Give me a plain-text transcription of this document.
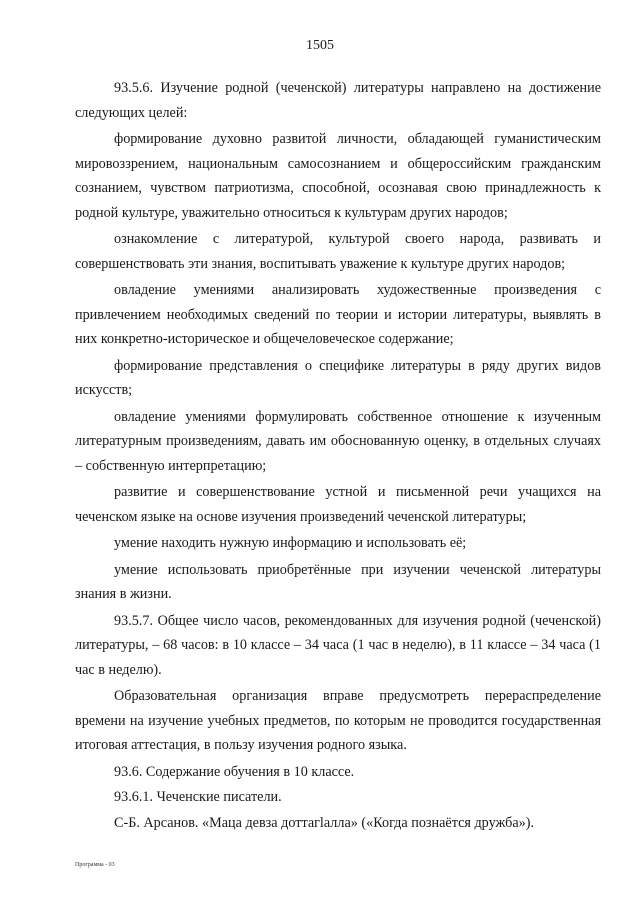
1505

93.5.6. Изучение родной (чеченской) литературы направлено на достижение следующих целей:

формирование духовно развитой личности, обладающей гуманистическим мировоззрением, национальным самосознанием и общероссийским гражданским сознанием, чувством патриотизма, способной, осознавая свою принадлежность к родной культуре, уважительно относиться к культурам других народов;

ознакомление с литературой, культурой своего народа, развивать и совершенствовать эти знания, воспитывать уважение к культуре других народов;

овладение умениями анализировать художественные произведения с привлечением необходимых сведений по теории и истории литературы, выявлять в них конкретно-историческое и общечеловеческое содержание;

формирование представления о специфике литературы в ряду других видов искусств;

овладение умениями формулировать собственное отношение к изученным литературным произведениям, давать им обоснованную оценку, в отдельных случаях – собственную интерпретацию;

развитие и совершенствование устной и письменной речи учащихся на чеченском языке на основе изучения произведений чеченской литературы;

умение находить нужную информацию и использовать её;

умение использовать приобретённые при изучении чеченской литературы знания в жизни.

93.5.7. Общее число часов, рекомендованных для изучения родной (чеченской) литературы, – 68 часов: в 10 классе – 34 часа (1 час в неделю), в 11 классе – 34 часа (1 час в неделю).

Образовательная организация вправе предусмотреть перераспределение времени на изучение учебных предметов, по которым не проводится государственная итоговая аттестация, в пользу изучения родного языка.

93.6. Содержание обучения в 10 классе.

93.6.1. Чеченские писатели.

С-Б. Арсанов. «Маца девза доттагlалла» («Когда познаётся дружба»).

Программа - 03
